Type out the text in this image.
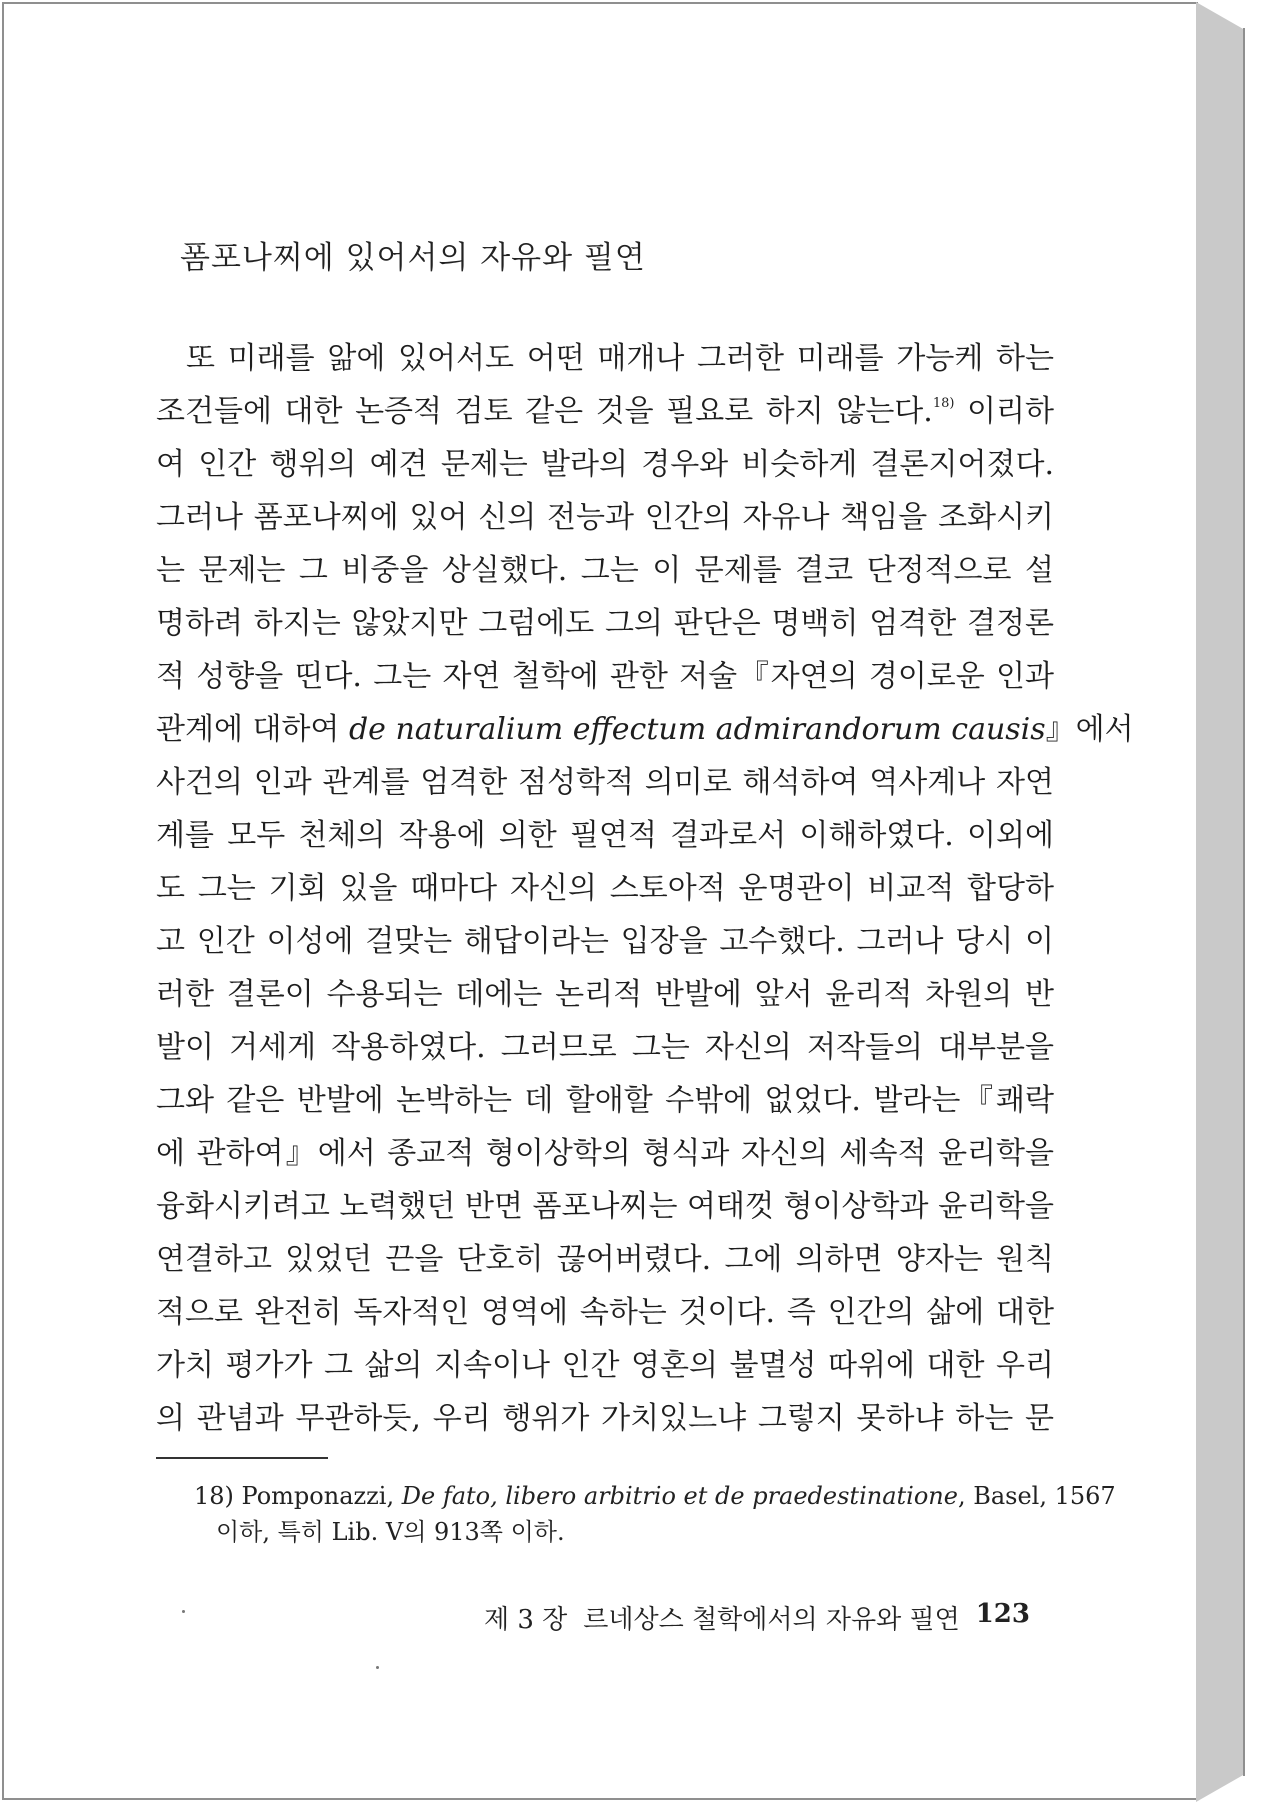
폼포나찌에 있어서의 자유와 필연
또 미래를 앎에 있어서도 어떤 매개나 그러한 미래를 가능케 하는
조건들에 대한 논증적 검토 같은 것을 필요로 하지 않는다.$^{18)}$ 이리하
여 인간 행위의 예견 문제는 발라의 경우와 비슷하게 결론지어졌다.
그러나 폼포나찌에 있어 신의 전능과 인간의 자유나 책임을 조화시키
는 문제는 그 비중을 상실했다. 그는 이 문제를 결코 단정적으로 설
명하려 하지는 않았지만 그럼에도 그의 판단은 명백히 엄격한 결정론
적 성향을 띤다. 그는 자연 철학에 관한 저술『자연의 경이로운 인과
관계에 대하여 de naturalium effectum admirandorum causis』에서
사건의 인과 관계를 엄격한 점성학적 의미로 해석하여 역사계나 자연
계를 모두 천체의 작용에 의한 필연적 결과로서 이해하였다. 이외에
도 그는 기회 있을 때마다 자신의 스토아적 운명관이 비교적 합당하
고 인간 이성에 걸맞는 해답이라는 입장을 고수했다. 그러나 당시 이
러한 결론이 수용되는 데에는 논리적 반발에 앞서 윤리적 차원의 반
발이 거세게 작용하였다. 그러므로 그는 자신의 저작들의 대부분을
그와 같은 반발에 논박하는 데 할애할 수밖에 없었다. 발라는『쾌락
에 관하여』에서 종교적 형이상학의 형식과 자신의 세속적 윤리학을
융화시키려고 노력했던 반면 폼포나찌는 여태껏 형이상학과 윤리학을
연결하고 있었던 끈을 단호히 끊어버렸다. 그에 의하면 양자는 원칙
적으로 완전히 독자적인 영역에 속하는 것이다. 즉 인간의 삶에 대한
가치 평가가 그 삶의 지속이나 인간 영혼의 불멸성 따위에 대한 우리
의 관념과 무관하듯, 우리 행위가 가치있느냐 그렇지 못하냐 하는 문
18) Pomponazzi, De fato, libero arbitrio et de praedestinatione, Basel, 1567
이하, 특히 Lib. V의 913쪽 이하.
제 3 장 르네상스 철학에서의 자유와 필연 123
